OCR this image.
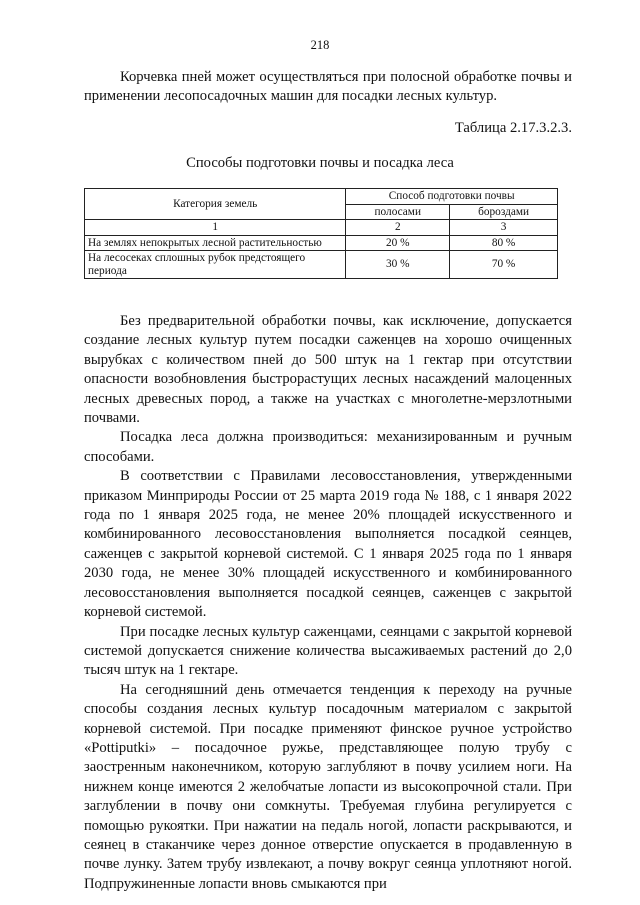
218

Корчевка пней может осуществляться при полосной обработке почвы и применении лесопосадочных машин для посадки лесных культур.

Таблица 2.17.3.2.3.
Способы подготовки почвы и посадка леса
Категория земель	Способ подготовки почвы	
	полосами	бороздами
1	2	3
На землях непокрытых лесной растительностью	20 %	80 %
На лесосеках сплошных рубок предстоящего периода	30 %	70 %

Без предварительной обработки почвы, как исключение, допускается создание лесных культур путем посадки саженцев на хорошо очищенных вырубках с количеством пней до 500 штук на 1 гектар при отсутствии опасности возобновления быстрорастущих лесных насаждений малоценных лесных древесных пород, а также на участках с многолетне-мерзлотными почвами.

Посадка леса должна производиться: механизированным и ручным способами.

В соответствии с Правилами лесовосстановления, утвержденными приказом Минприроды России от 25 марта 2019 года № 188, с 1 января 2022 года по 1 января 2025 года, не менее 20% площадей искусственного и комбинированного лесовосстановления выполняется посадкой сеянцев, саженцев с закрытой корневой системой. С 1 января 2025 года по 1 января 2030 года, не менее 30% площадей искусственного и комбинированного лесовосстановления выполняется посадкой сеянцев, саженцев с закрытой корневой системой.

При посадке лесных культур саженцами, сеянцами с закрытой корневой системой допускается снижение количества высаживаемых растений до 2,0 тысяч штук на 1 гектаре.

На сегодняшний день отмечается тенденция к переходу на ручные способы создания лесных культур посадочным материалом с закрытой корневой системой. При посадке применяют финское ручное устройство «Pottiputki» – посадочное ружье, представляющее полую трубу с заостренным наконечником, которую заглубляют в почву усилием ноги. На нижнем конце имеются 2 желобчатые лопасти из высокопрочной стали. При заглублении в почву они сомкнуты. Требуемая глубина регулируется с помощью рукоятки. При нажатии на педаль ногой, лопасти раскрываются, и сеянец в стаканчике через донное отверстие опускается в продавленную в почве лунку. Затем трубу извлекают, а почву вокруг сеянца уплотняют ногой. Подпружиненные лопасти вновь смыкаются при
